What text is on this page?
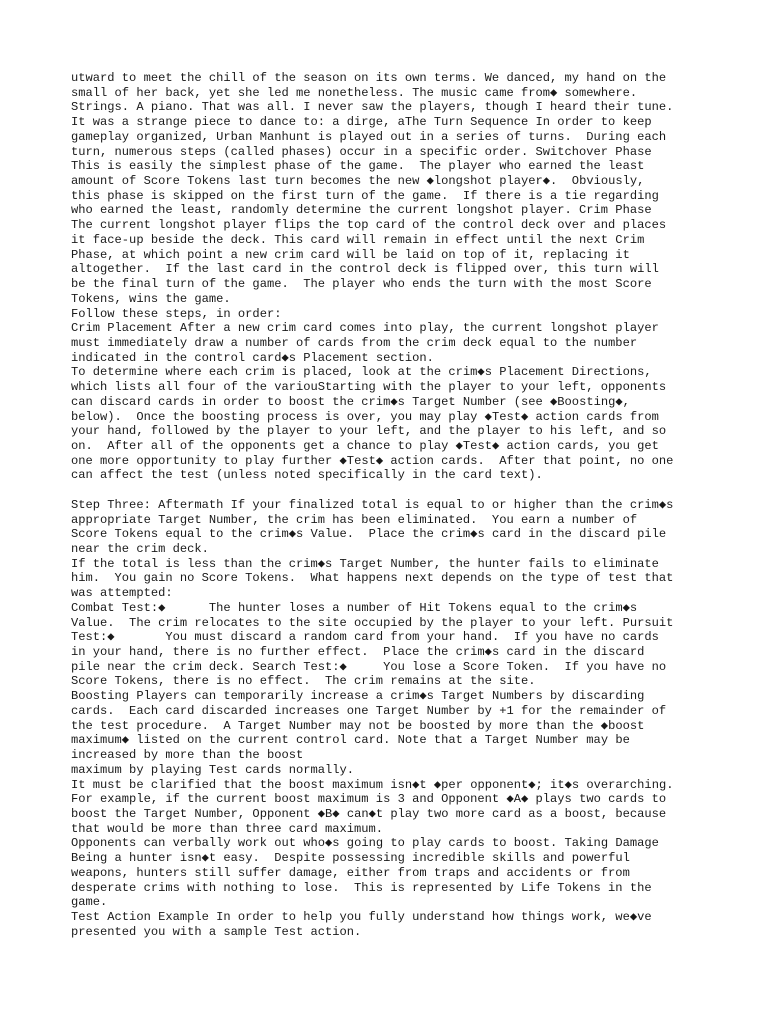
utward to meet the chill of the season on its own terms. We danced, my hand on the
small of her back, yet she led me nonetheless. The music came from◆ somewhere.
Strings. A piano. That was all. I never saw the players, though I heard their tune.
It was a strange piece to dance to: a dirge, aThe Turn Sequence In order to keep
gameplay organized, Urban Manhunt is played out in a series of turns.  During each
turn, numerous steps (called phases) occur in a specific order. Switchover Phase
This is easily the simplest phase of the game.  The player who earned the least
amount of Score Tokens last turn becomes the new ◆longshot player◆.  Obviously,
this phase is skipped on the first turn of the game.  If there is a tie regarding
who earned the least, randomly determine the current longshot player. Crim Phase
The current longshot player flips the top card of the control deck over and places
it face-up beside the deck. This card will remain in effect until the next Crim
Phase, at which point a new crim card will be laid on top of it, replacing it
altogether.  If the last card in the control deck is flipped over, this turn will
be the final turn of the game.  The player who ends the turn with the most Score
Tokens, wins the game.
Follow these steps, in order:
Crim Placement After a new crim card comes into play, the current longshot player
must immediately draw a number of cards from the crim deck equal to the number
indicated in the control card◆s Placement section.
To determine where each crim is placed, look at the crim◆s Placement Directions,
which lists all four of the variouStarting with the player to your left, opponents
can discard cards in order to boost the crim◆s Target Number (see ◆Boosting◆,
below).  Once the boosting process is over, you may play ◆Test◆ action cards from
your hand, followed by the player to your left, and the player to his left, and so
on.  After all of the opponents get a chance to play ◆Test◆ action cards, you get
one more opportunity to play further ◆Test◆ action cards.  After that point, no one
can affect the test (unless noted specifically in the card text).
Step Three: Aftermath If your finalized total is equal to or higher than the crim◆s
appropriate Target Number, the crim has been eliminated.  You earn a number of
Score Tokens equal to the crim◆s Value.  Place the crim◆s card in the discard pile
near the crim deck.
If the total is less than the crim◆s Target Number, the hunter fails to eliminate
him.  You gain no Score Tokens.  What happens next depends on the type of test that
was attempted:
Combat Test:◆      The hunter loses a number of Hit Tokens equal to the crim◆s
Value.  The crim relocates to the site occupied by the player to your left. Pursuit
Test:◆       You must discard a random card from your hand.  If you have no cards
in your hand, there is no further effect.  Place the crim◆s card in the discard
pile near the crim deck. Search Test:◆     You lose a Score Token.  If you have no
Score Tokens, there is no effect.  The crim remains at the site.
Boosting Players can temporarily increase a crim◆s Target Numbers by discarding
cards.  Each card discarded increases one Target Number by +1 for the remainder of
the test procedure.  A Target Number may not be boosted by more than the ◆boost
maximum◆ listed on the current control card. Note that a Target Number may be
increased by more than the boost
maximum by playing Test cards normally.
It must be clarified that the boost maximum isn◆t ◆per opponent◆; it◆s overarching.
For example, if the current boost maximum is 3 and Opponent ◆A◆ plays two cards to
boost the Target Number, Opponent ◆B◆ can◆t play two more card as a boost, because
that would be more than three card maximum.
Opponents can verbally work out who◆s going to play cards to boost. Taking Damage
Being a hunter isn◆t easy.  Despite possessing incredible skills and powerful
weapons, hunters still suffer damage, either from traps and accidents or from
desperate crims with nothing to lose.  This is represented by Life Tokens in the
game.
Test Action Example In order to help you fully understand how things work, we◆ve
presented you with a sample Test action.
